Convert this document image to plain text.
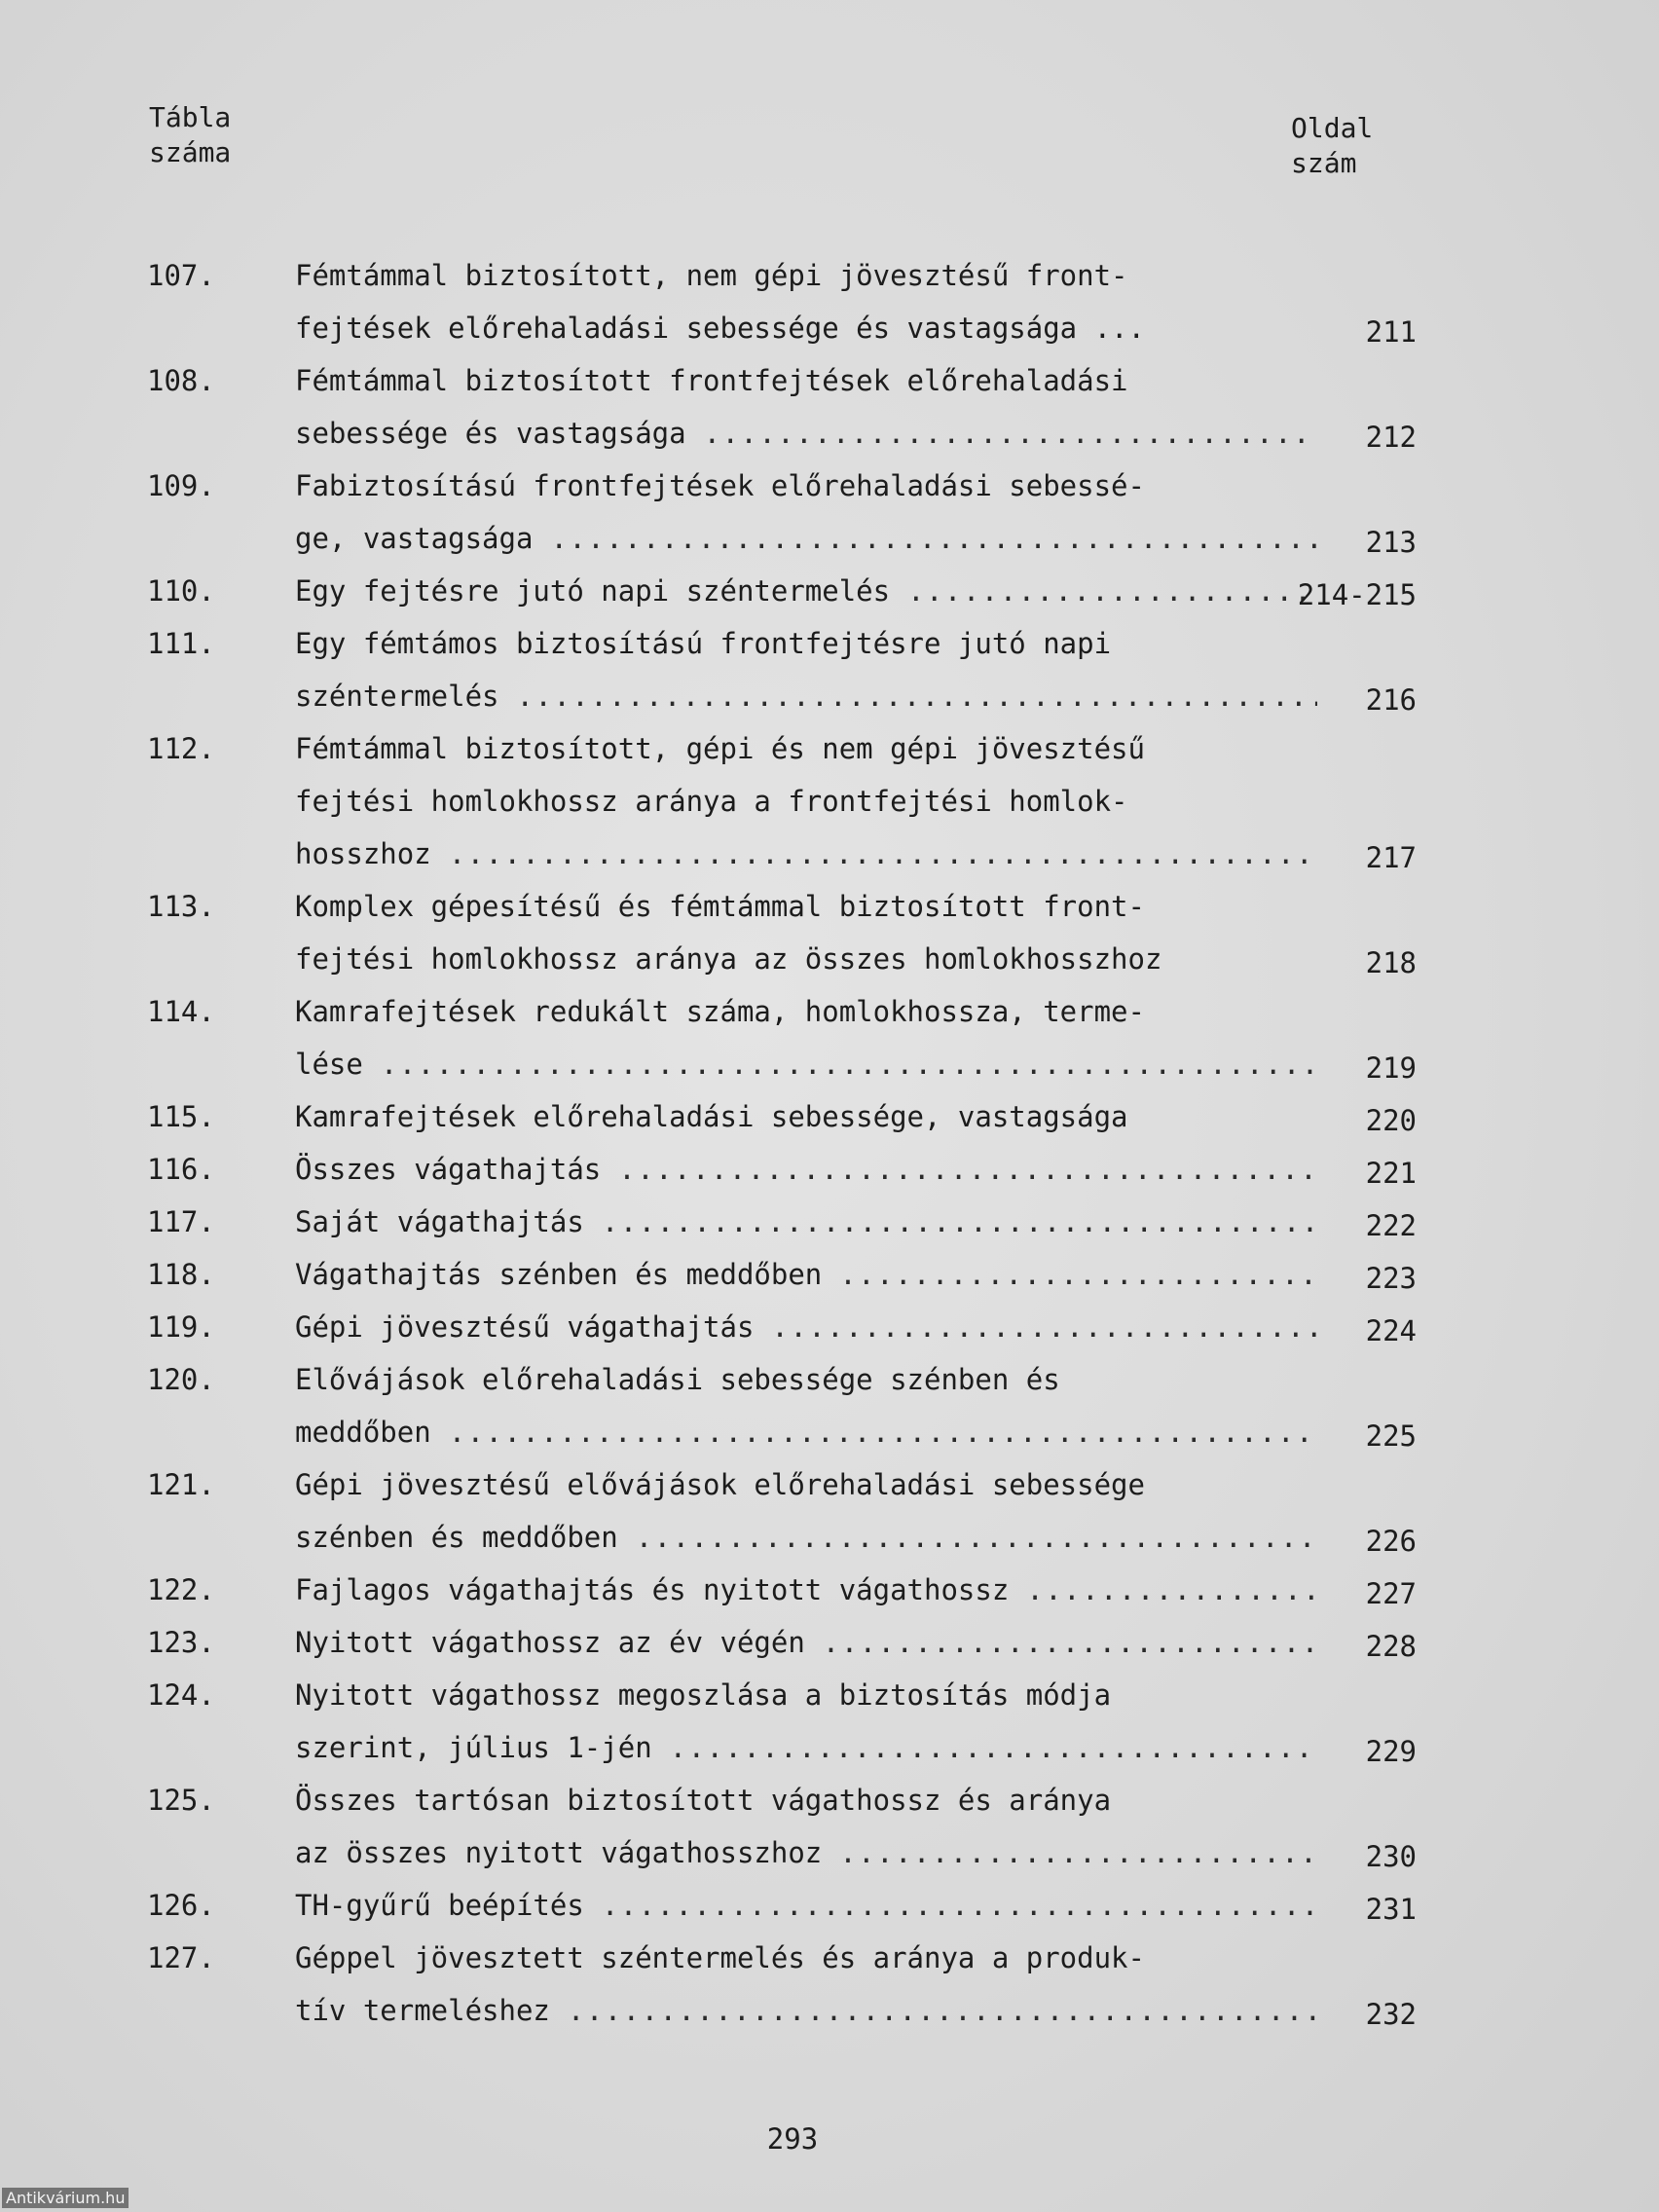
Tábla
száma
Oldal
szám
107.	Fémtámmal biztosított, nem gépi jövesztésű front-
fejtések előrehaladási sebessége és vastagsága ...	211
108.	Fémtámmal biztosított frontfejtések előrehaladási
sebessége és vastagsága . . .	212
109.	Fabiztosítású frontfejtések előrehaladási sebessé-
ge, vastagsága . . .	213
110.	Egy fejtésre jutó napi széntermelés . . .	214-215
111.	Egy fémtámos biztosítású frontfejtésre jutó napi
széntermelés . . .	216
112.	Fémtámmal biztosított, gépi és nem gépi jövesztésű
fejtési homlokhossz aránya a frontfejtési homlok-
hosszhoz . . .	217
113.	Komplex gépesítésű és fémtámmal biztosított front-
fejtési homlokhossz aránya az összes homlokhosszhoz	218
114.	Kamrafejtések redukált száma, homlokhossza, terme-
lése . . .	219
115.	Kamrafejtések előrehaladási sebessége, vastagsága	220
116.	Összes vágathajtás . . .	221
117.	Saját vágathajtás . . .	222
118.	Vágathajtás szénben és meddőben . . .	223
119.	Gépi jövesztésű vágathajtás . . .	224
120.	Elővájások előrehaladási sebessége szénben és
meddőben . . .	225
121.	Gépi jövesztésű elővájások előrehaladási sebessége
szénben és meddőben . . .	226
122.	Fajlagos vágathajtás és nyitott vágathossz . . .	227
123.	Nyitott vágathossz az év végén . . .	228
124.	Nyitott vágathossz megoszlása a biztosítás módja
szerint, július 1-jén . . .	229
125.	Összes tartósan biztosított vágathossz és aránya
az összes nyitott vágathosszhoz . . .	230
126.	TH-gyűrű beépítés . . .	231
127.	Géppel jövesztett széntermelés és aránya a produk-
tív termeléshez . . .	232
293
Antikvárium.hu
